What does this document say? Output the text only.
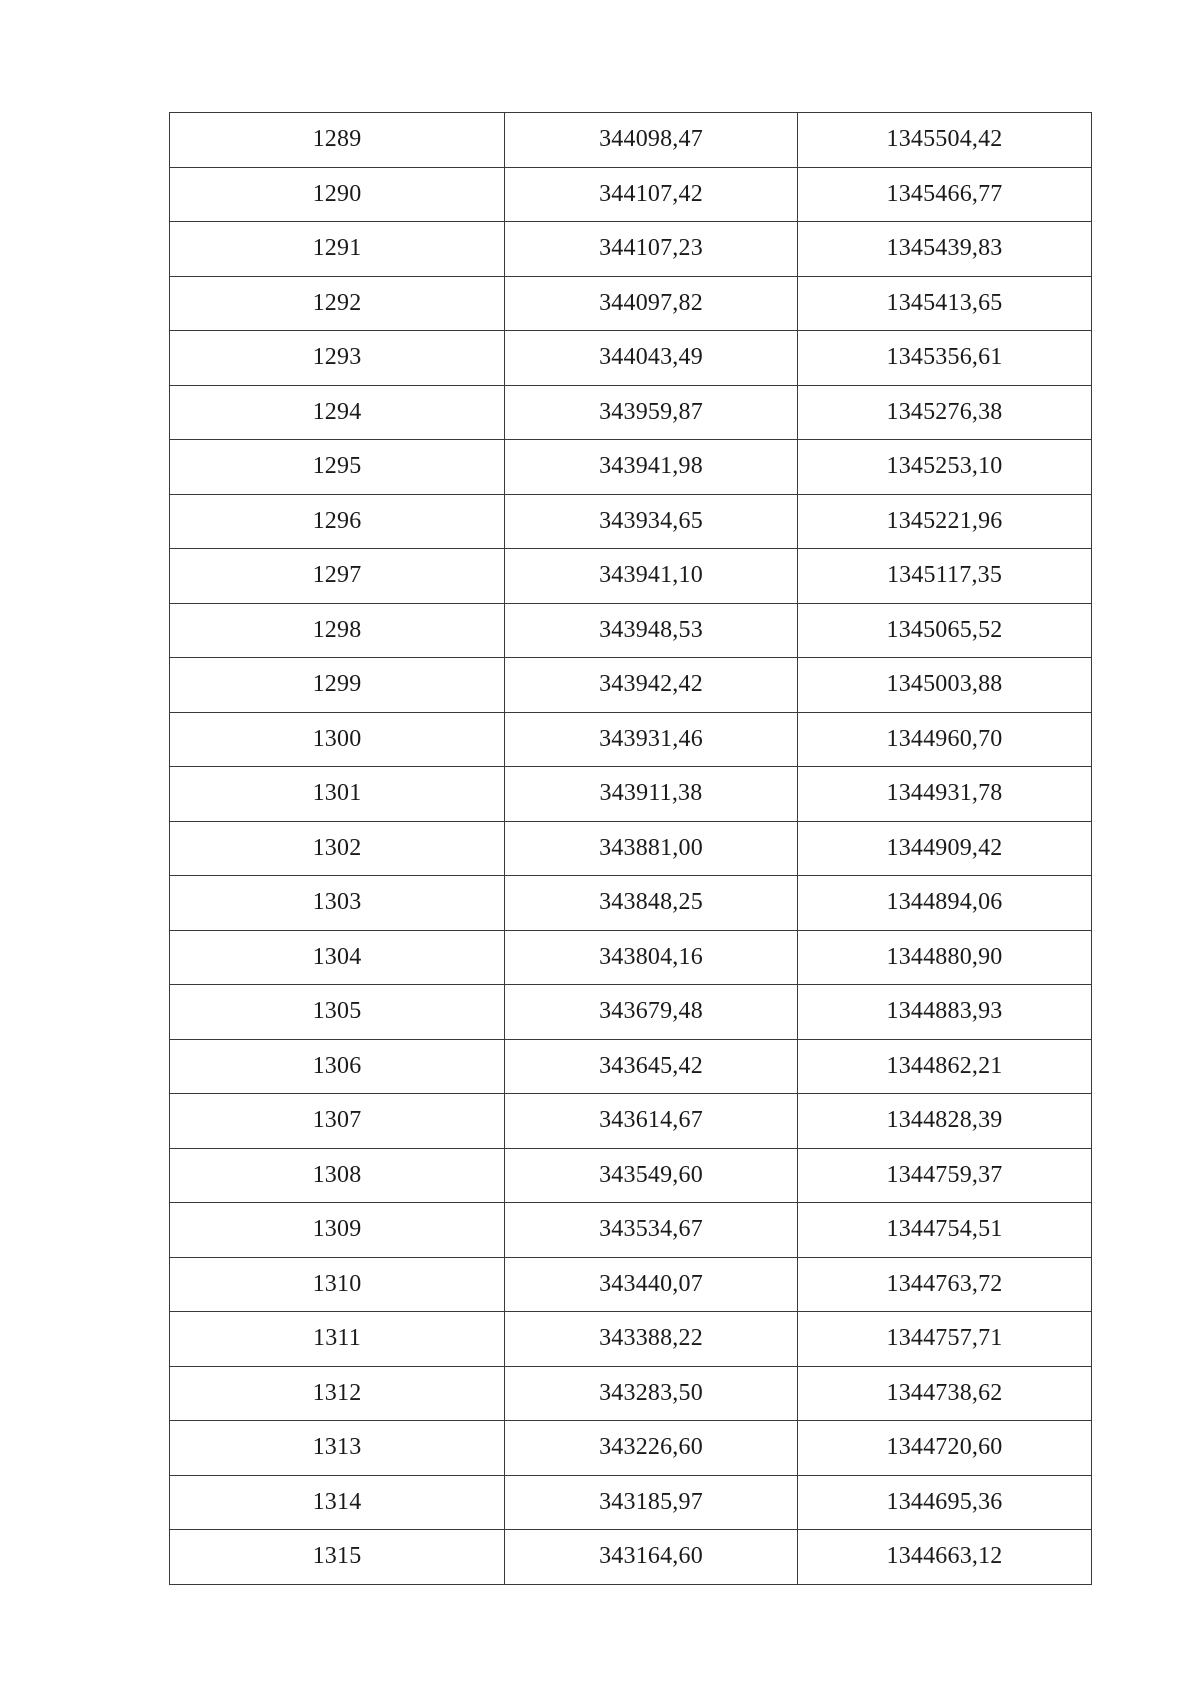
1289	344098,47	1345504,42
1290	344107,42	1345466,77
1291	344107,23	1345439,83
1292	344097,82	1345413,65
1293	344043,49	1345356,61
1294	343959,87	1345276,38
1295	343941,98	1345253,10
1296	343934,65	1345221,96
1297	343941,10	1345117,35
1298	343948,53	1345065,52
1299	343942,42	1345003,88
1300	343931,46	1344960,70
1301	343911,38	1344931,78
1302	343881,00	1344909,42
1303	343848,25	1344894,06
1304	343804,16	1344880,90
1305	343679,48	1344883,93
1306	343645,42	1344862,21
1307	343614,67	1344828,39
1308	343549,60	1344759,37
1309	343534,67	1344754,51
1310	343440,07	1344763,72
1311	343388,22	1344757,71
1312	343283,50	1344738,62
1313	343226,60	1344720,60
1314	343185,97	1344695,36
1315	343164,60	1344663,12
